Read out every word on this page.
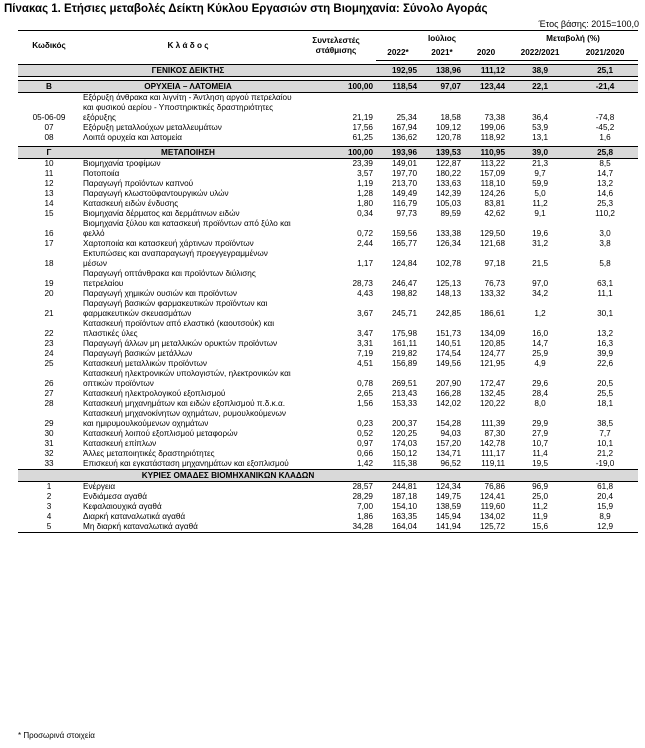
Πίνακας 1. Ετήσιες μεταβολές Δείκτη Κύκλου Εργασιών στη Βιομηχανία: Σύνολο Αγοράς
Έτος βάσης: 2015=100,0
Κωδικός	Κ λ ά δ ο ς	Συντελεστές στάθμισης	Ιούλιος			Μεταβολή (%)	
			2022*	2021*	2020	2022/2021	2021/2020

	ΓΕΝΙΚΟΣ ΔΕΙΚΤΗΣ		192,95	138,96	111,12	38,9	25,1

B	ΟΡΥΧΕΙΑ – ΛΑΤΟΜΕΙΑ	100,00	118,54	97,07	123,44	22,1	-21,4
05-06-09	Εξόρυξη άνθρακα και λιγνίτη - Άντληση αργού πετρελαίου και φυσικού αερίου - Υποστηρικτικές δραστηριότητες εξόρυξης	21,19	25,34	18,58	73,38	36,4	-74,8
07	Εξόρυξη μεταλλούχων μεταλλευμάτων	17,56	167,94	109,12	199,06	53,9	-45,2
08	Λοιπά ορυχεία και λατομεία	61,25	136,62	120,78	118,92	13,1	1,6

Γ	ΜΕΤΑΠΟΙΗΣΗ	100,00	193,96	139,53	110,95	39,0	25,8
10	Βιομηχανία τροφίμων	23,39	149,01	122,87	113,22	21,3	8,5
11	Ποτοποιία	3,57	197,70	180,22	157,09	9,7	14,7
12	Παραγωγή προϊόντων καπνού	1,19	213,70	133,63	118,10	59,9	13,2
13	Παραγωγή κλωστοϋφαντουργικών υλών	1,28	149,49	142,39	124,26	5,0	14,6
14	Κατασκευή ειδών ένδυσης	1,80	116,79	105,03	83,81	11,2	25,3
15	Βιομηχανία δέρματος και δερμάτινων ειδών	0,34	97,73	89,59	42,62	9,1	110,2
16	Βιομηχανία ξύλου και κατασκευή προϊόντων από ξύλο και φελλό	0,72	159,56	133,38	129,50	19,6	3,0
17	Χαρτοποιία και κατασκευή χάρτινων προϊόντων	2,44	165,77	126,34	121,68	31,2	3,8
18	Εκτυπώσεις και αναπαραγωγή προεγγεγραμμένων μέσων	1,17	124,84	102,78	97,18	21,5	5,8
19	Παραγωγή οπτάνθρακα και προϊόντων διύλισης πετρελαίου	28,73	246,47	125,13	76,73	97,0	63,1
20	Παραγωγή χημικών ουσιών και προϊόντων	4,43	198,82	148,13	133,32	34,2	11,1
21	Παραγωγή βασικών φαρμακευτικών προϊόντων και φαρμακευτικών σκευασμάτων	3,67	245,71	242,85	186,61	1,2	30,1
22	Κατασκευή προϊόντων από ελαστικό (καουτσούκ) και πλαστικές ύλες	3,47	175,98	151,73	134,09	16,0	13,2
23	Παραγωγή άλλων μη μεταλλικών ορυκτών προϊόντων	3,31	161,11	140,51	120,85	14,7	16,3
24	Παραγωγή βασικών μετάλλων	7,19	219,82	174,54	124,77	25,9	39,9
25	Κατασκευή μεταλλικών προϊόντων	4,51	156,89	149,56	121,95	4,9	22,6
26	Κατασκευή ηλεκτρονικών υπολογιστών, ηλεκτρονικών και οπτικών προϊόντων	0,78	269,51	207,90	172,47	29,6	20,5
27	Κατασκευή ηλεκτρολογικού εξοπλισμού	2,65	213,43	166,28	132,45	28,4	25,5
28	Κατασκευή μηχανημάτων και ειδών εξοπλισμού π.δ.κ.α.	1,56	153,33	142,02	120,22	8,0	18,1
29	Κατασκευή μηχανοκίνητων οχημάτων, ρυμουλκούμενων και ημιρυμουλκούμενων οχημάτων	0,23	200,37	154,28	111,39	29,9	38,5
30	Κατασκευή λοιπού εξοπλισμού μεταφορών	0,52	120,25	94,03	87,30	27,9	7,7
31	Κατασκευή επίπλων	0,97	174,03	157,20	142,78	10,7	10,1
32	Άλλες μεταποιητικές δραστηριότητες	0,66	150,12	134,71	111,17	11,4	21,2
33	Επισκευή και εγκατάσταση μηχανημάτων και εξοπλισμού	1,42	115,38	96,52	119,11	19,5	-19,0
	ΚΥΡΙΕΣ ΟΜΑΔΕΣ ΒΙΟΜΗΧΑΝΙΚΩΝ ΚΛΑΔΩΝ						
1	Ενέργεια	28,57	244,81	124,34	76,86	96,9	61,8
2	Ενδιάμεσα αγαθά	28,29	187,18	149,75	124,41	25,0	20,4
3	Κεφαλαιουχικά αγαθά	7,00	154,10	138,59	119,60	11,2	15,9
4	Διαρκή καταναλωτικά αγαθά	1,86	163,35	145,94	134,02	11,9	8,9
5	Μη διαρκή καταναλωτικά αγαθά	34,28	164,04	141,94	125,72	15,6	12,9
* Προσωρινά στοιχεία
